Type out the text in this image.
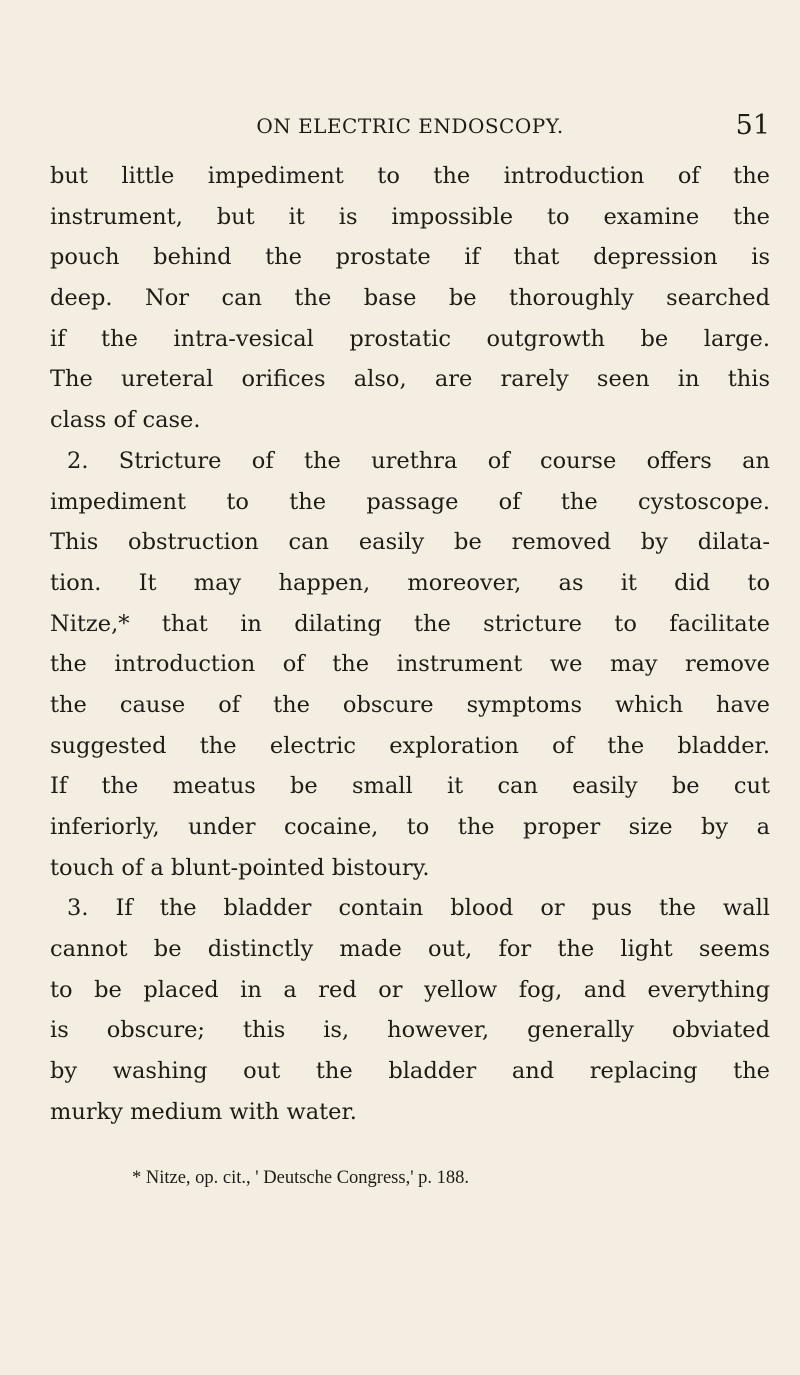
ON ELECTRIC ENDOSCOPY.	51
but little impediment to the introduction of the
instrument, but it is impossible to examine the
pouch behind the prostate if that depression is
deep. Nor can the base be thoroughly searched
if the intra-vesical prostatic outgrowth be large.
The ureteral orifices also, are rarely seen in this
class of case.
2. Stricture of the urethra of course offers an
impediment to the passage of the cystoscope.
This obstruction can easily be removed by dilata-
tion. It may happen, moreover, as it did to
Nitze,* that in dilating the stricture to facilitate
the introduction of the instrument we may remove
the cause of the obscure symptoms which have
suggested the electric exploration of the bladder.
If the meatus be small it can easily be cut
inferiorly, under cocaine, to the proper size by a
touch of a blunt-pointed bistoury.
3. If the bladder contain blood or pus the wall
cannot be distinctly made out, for the light seems
to be placed in a red or yellow fog, and everything
is obscure; this is, however, generally obviated
by washing out the bladder and replacing the
murky medium with water.
* Nitze, op. cit., ' Deutsche Congress,' p. 188.
